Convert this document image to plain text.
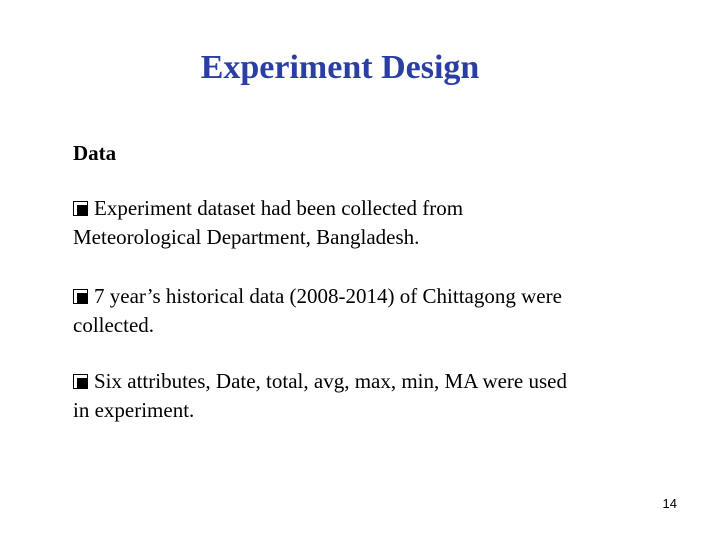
Experiment Design
Data
Experiment dataset had been collected from
Meteorological Department, Bangladesh.
7 year’s historical data (2008-2014) of Chittagong were
collected.
Six attributes, Date, total, avg, max, min, MA were used
in experiment.
14
